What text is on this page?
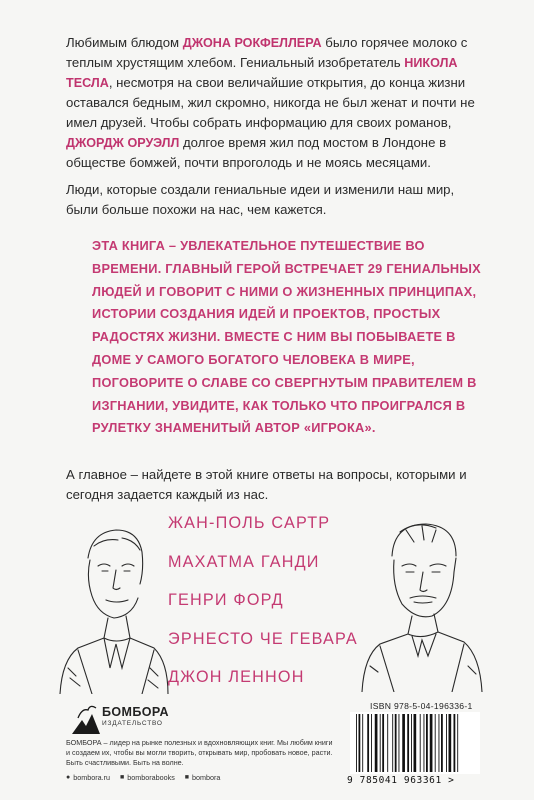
Любимым блюдом ДЖОНА РОКФЕЛЛЕРА было горячее молоко с теплым хрустящим хлебом. Гениальный изобретатель НИКОЛА ТЕСЛА, несмотря на свои величайшие открытия, до конца жизни оставался бедным, жил скромно, никогда не был женат и почти не имел друзей. Чтобы собрать информацию для своих романов, ДЖОРДЖ ОРУЭЛЛ долгое время жил под мостом в Лондоне в обществе бомжей, почти впроголодь и не моясь месяцами.
Люди, которые создали гениальные идеи и изменили наш мир, были больше похожи на нас, чем кажется.
ЭТА КНИГА – УВЛЕКАТЕЛЬНОЕ ПУТЕШЕСТВИЕ ВО ВРЕМЕНИ. ГЛАВНЫЙ ГЕРОЙ ВСТРЕЧАЕТ 29 ГЕНИАЛЬНЫХ ЛЮДЕЙ И ГОВОРИТ С НИМИ О ЖИЗНЕННЫХ ПРИНЦИПАХ, ИСТОРИИ СОЗДАНИЯ ИДЕЙ И ПРОЕКТОВ, ПРОСТЫХ РАДОСТЯХ ЖИЗНИ. ВМЕСТЕ С НИМ ВЫ ПОБЫВАЕТЕ В ДОМЕ У САМОГО БОГАТОГО ЧЕЛОВЕКА В МИРЕ, ПОГОВОРИТЕ О СЛАВЕ СО СВЕРГНУТЫМ ПРАВИТЕЛЕМ В ИЗГНАНИИ, УВИДИТЕ, КАК ТОЛЬКО ЧТО ПРОИГРАЛСЯ В РУЛЕТКУ ЗНАМЕНИТЫЙ АВТОР «ИГРОКА».
А главное – найдете в этой книге ответы на вопросы, которыми и сегодня задается каждый из нас.
ЖАН-ПОЛЬ САРТР
МАХАТМА ГАНДИ
ГЕНРИ ФОРД
ЭРНЕСТО ЧЕ ГЕВАРА
ДЖОН ЛЕННОН
БОМБОРА
ИЗДАТЕЛЬСТВО
БОМБОРА – лидер на рынке полезных и вдохновляющих книг. Мы любим книги и создаем их, чтобы вы могли творить, открывать мир, пробовать новое, расти. Быть счастливыми. Быть на волне.
● bombora.ru ■ bomborabooks ■ bombora
ISBN 978-5-04-196336-1
9 785041 963361 >
